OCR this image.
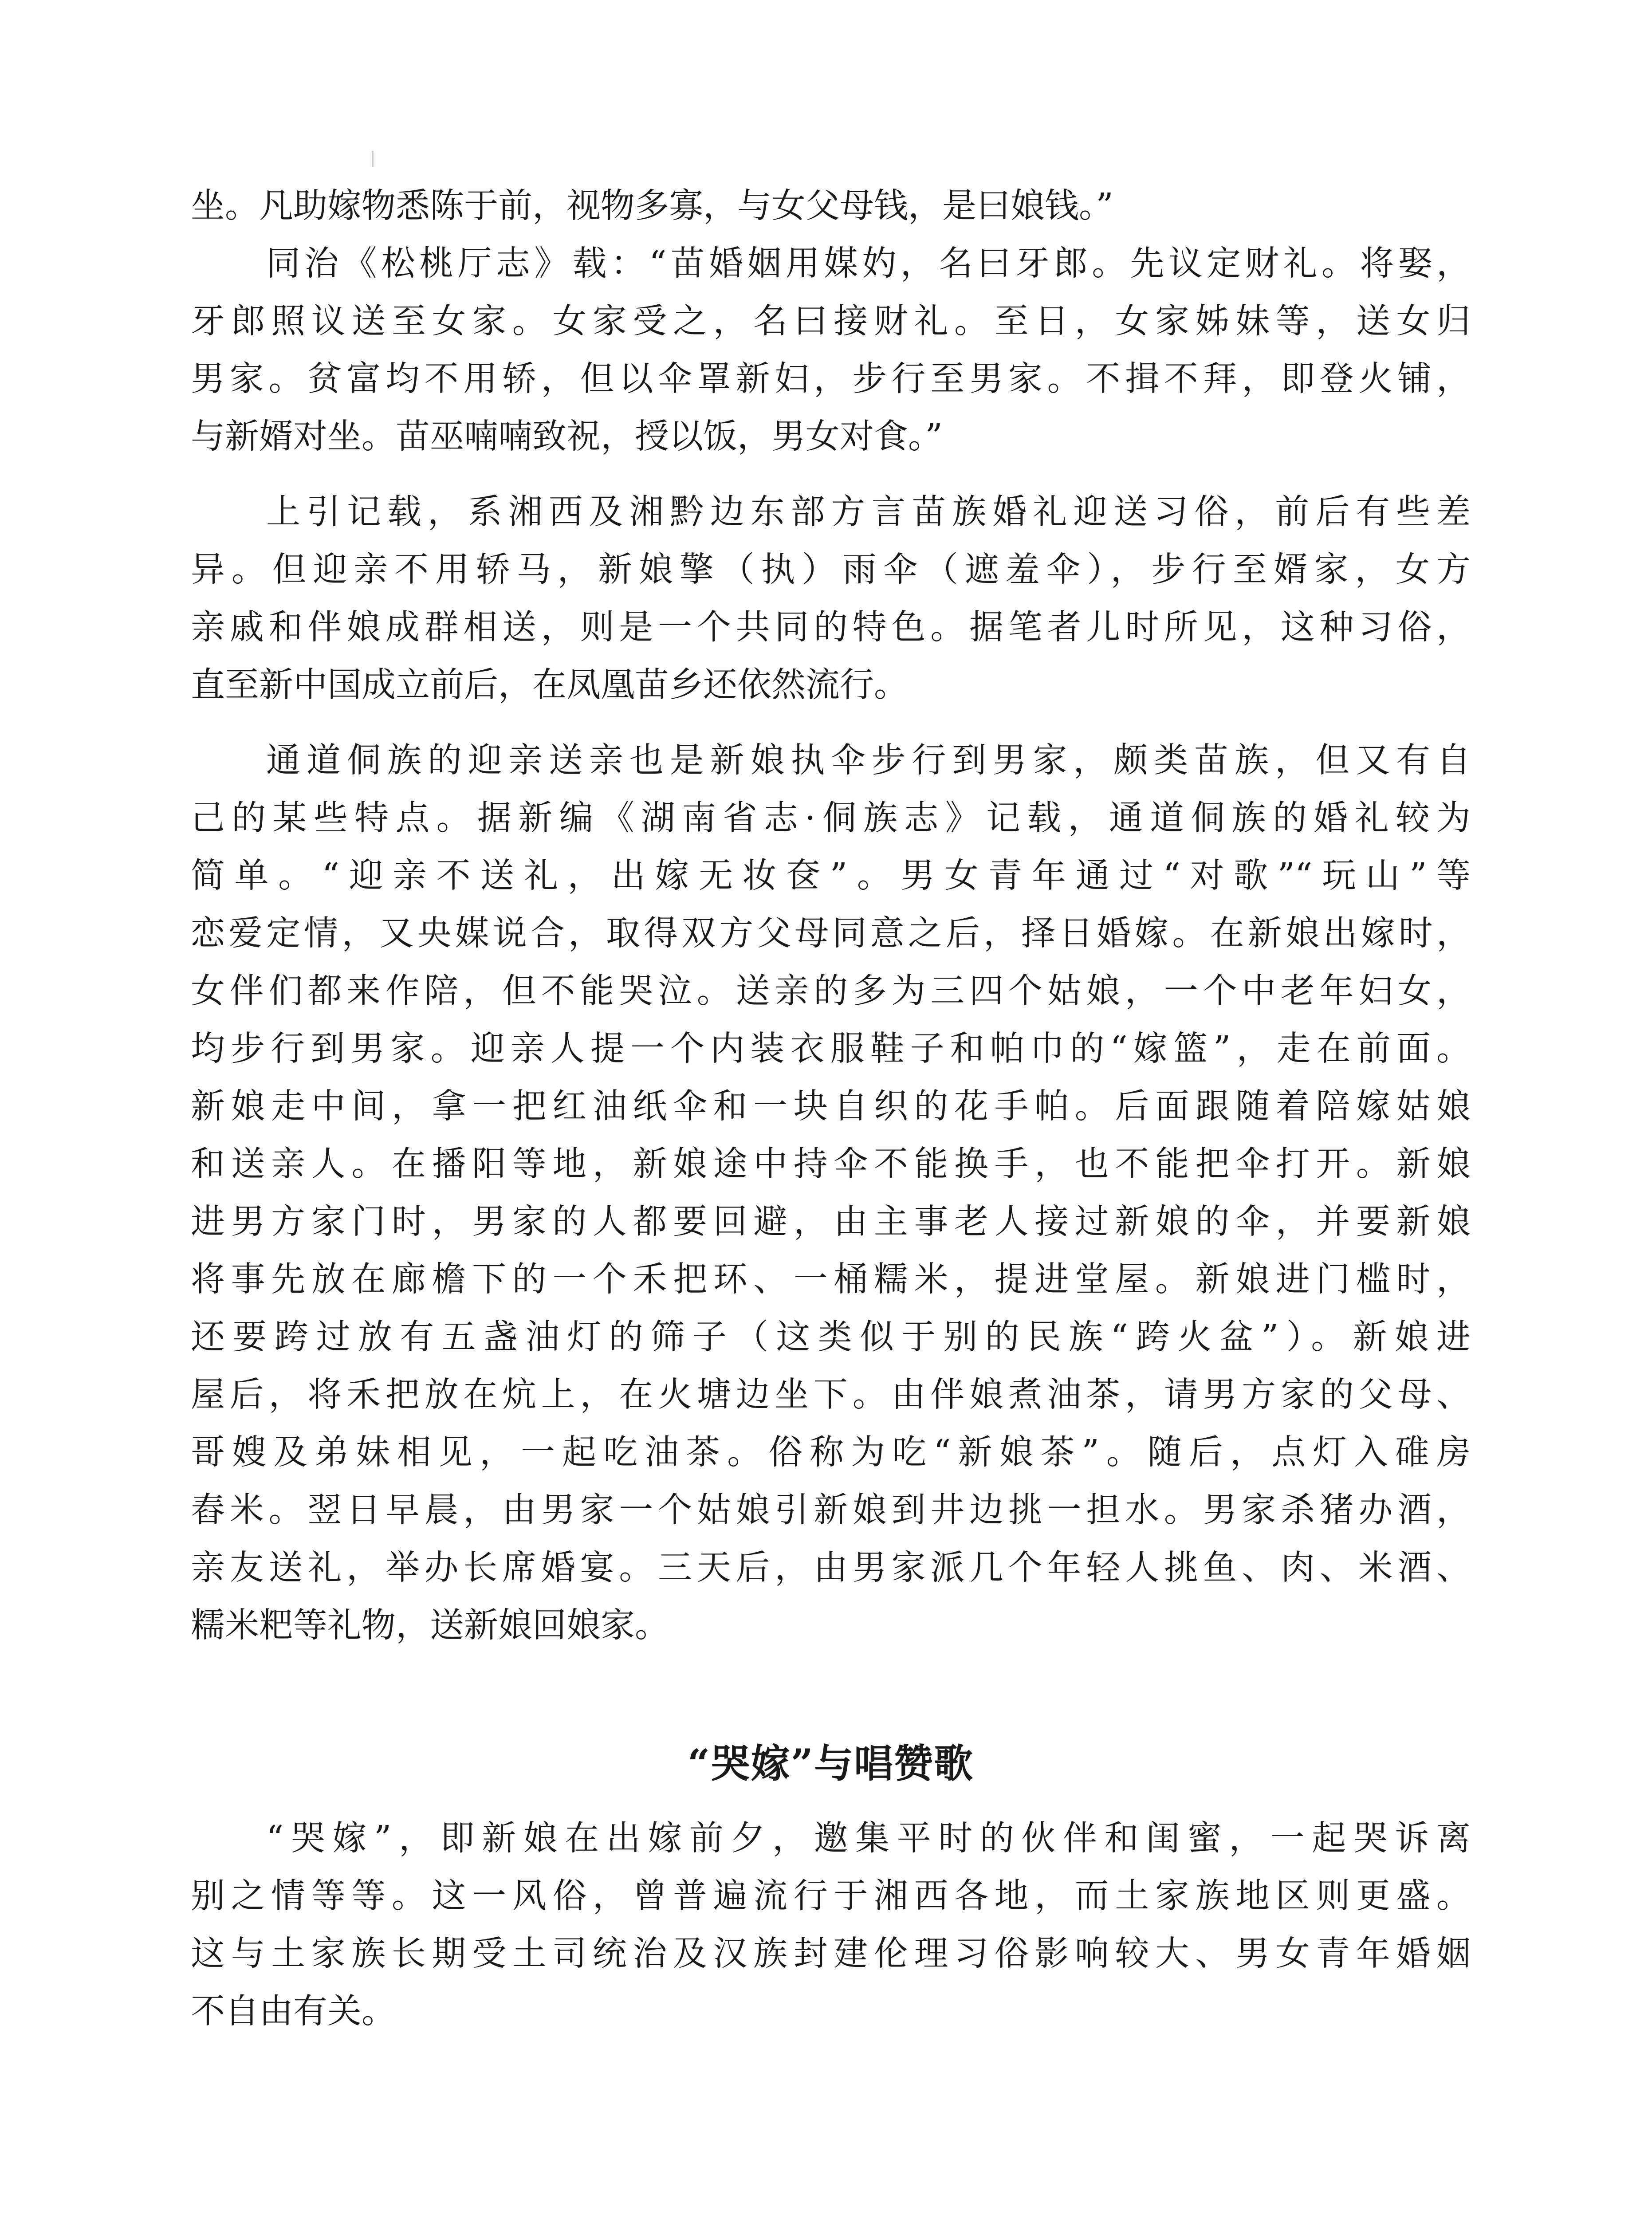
坐。凡助嫁物悉陈于前，视物多寡，与女父母钱，是曰娘钱。”
同治《松桃厅志》载：“苗婚姻用媒妁，名曰牙郎。先议定财礼。将娶，
牙郎照议送至女家。女家受之，名曰接财礼。至日，女家姊妹等，送女归
男家。贫富均不用轿，但以伞罩新妇，步行至男家。不揖不拜，即登火铺，
与新婿对坐。苗巫喃喃致祝，授以饭，男女对食。”
上引记载，系湘西及湘黔边东部方言苗族婚礼迎送习俗，前后有些差
异。但迎亲不用轿马，新娘擎（执）雨伞（遮羞伞），步行至婿家，女方
亲戚和伴娘成群相送，则是一个共同的特色。据笔者儿时所见，这种习俗，
直至新中国成立前后，在凤凰苗乡还依然流行。
通道侗族的迎亲送亲也是新娘执伞步行到男家，颇类苗族，但又有自
己的某些特点。据新编《湖南省志·侗族志》记载，通道侗族的婚礼较为
简单。“迎亲不送礼，出嫁无妆奁”。男女青年通过“对歌”“玩山”等
恋爱定情，又央媒说合，取得双方父母同意之后，择日婚嫁。在新娘出嫁时，
女伴们都来作陪，但不能哭泣。送亲的多为三四个姑娘，一个中老年妇女，
均步行到男家。迎亲人提一个内装衣服鞋子和帕巾的“嫁篮”，走在前面。
新娘走中间，拿一把红油纸伞和一块自织的花手帕。后面跟随着陪嫁姑娘
和送亲人。在播阳等地，新娘途中持伞不能换手，也不能把伞打开。新娘
进男方家门时，男家的人都要回避，由主事老人接过新娘的伞，并要新娘
将事先放在廊檐下的一个禾把环、一桶糯米，提进堂屋。新娘进门槛时，
还要跨过放有五盏油灯的筛子（这类似于别的民族“跨火盆”）。新娘进
屋后，将禾把放在炕上，在火塘边坐下。由伴娘煮油茶，请男方家的父母、
哥嫂及弟妹相见，一起吃油茶。俗称为吃“新娘茶”。随后，点灯入碓房
舂米。翌日早晨，由男家一个姑娘引新娘到井边挑一担水。男家杀猪办酒，
亲友送礼，举办长席婚宴。三天后，由男家派几个年轻人挑鱼、肉、米酒、
糯米粑等礼物，送新娘回娘家。
“哭嫁”与唱赞歌
“哭嫁”，即新娘在出嫁前夕，邀集平时的伙伴和闺蜜，一起哭诉离
别之情等等。这一风俗，曾普遍流行于湘西各地，而土家族地区则更盛。
这与土家族长期受土司统治及汉族封建伦理习俗影响较大、男女青年婚姻
不自由有关。
